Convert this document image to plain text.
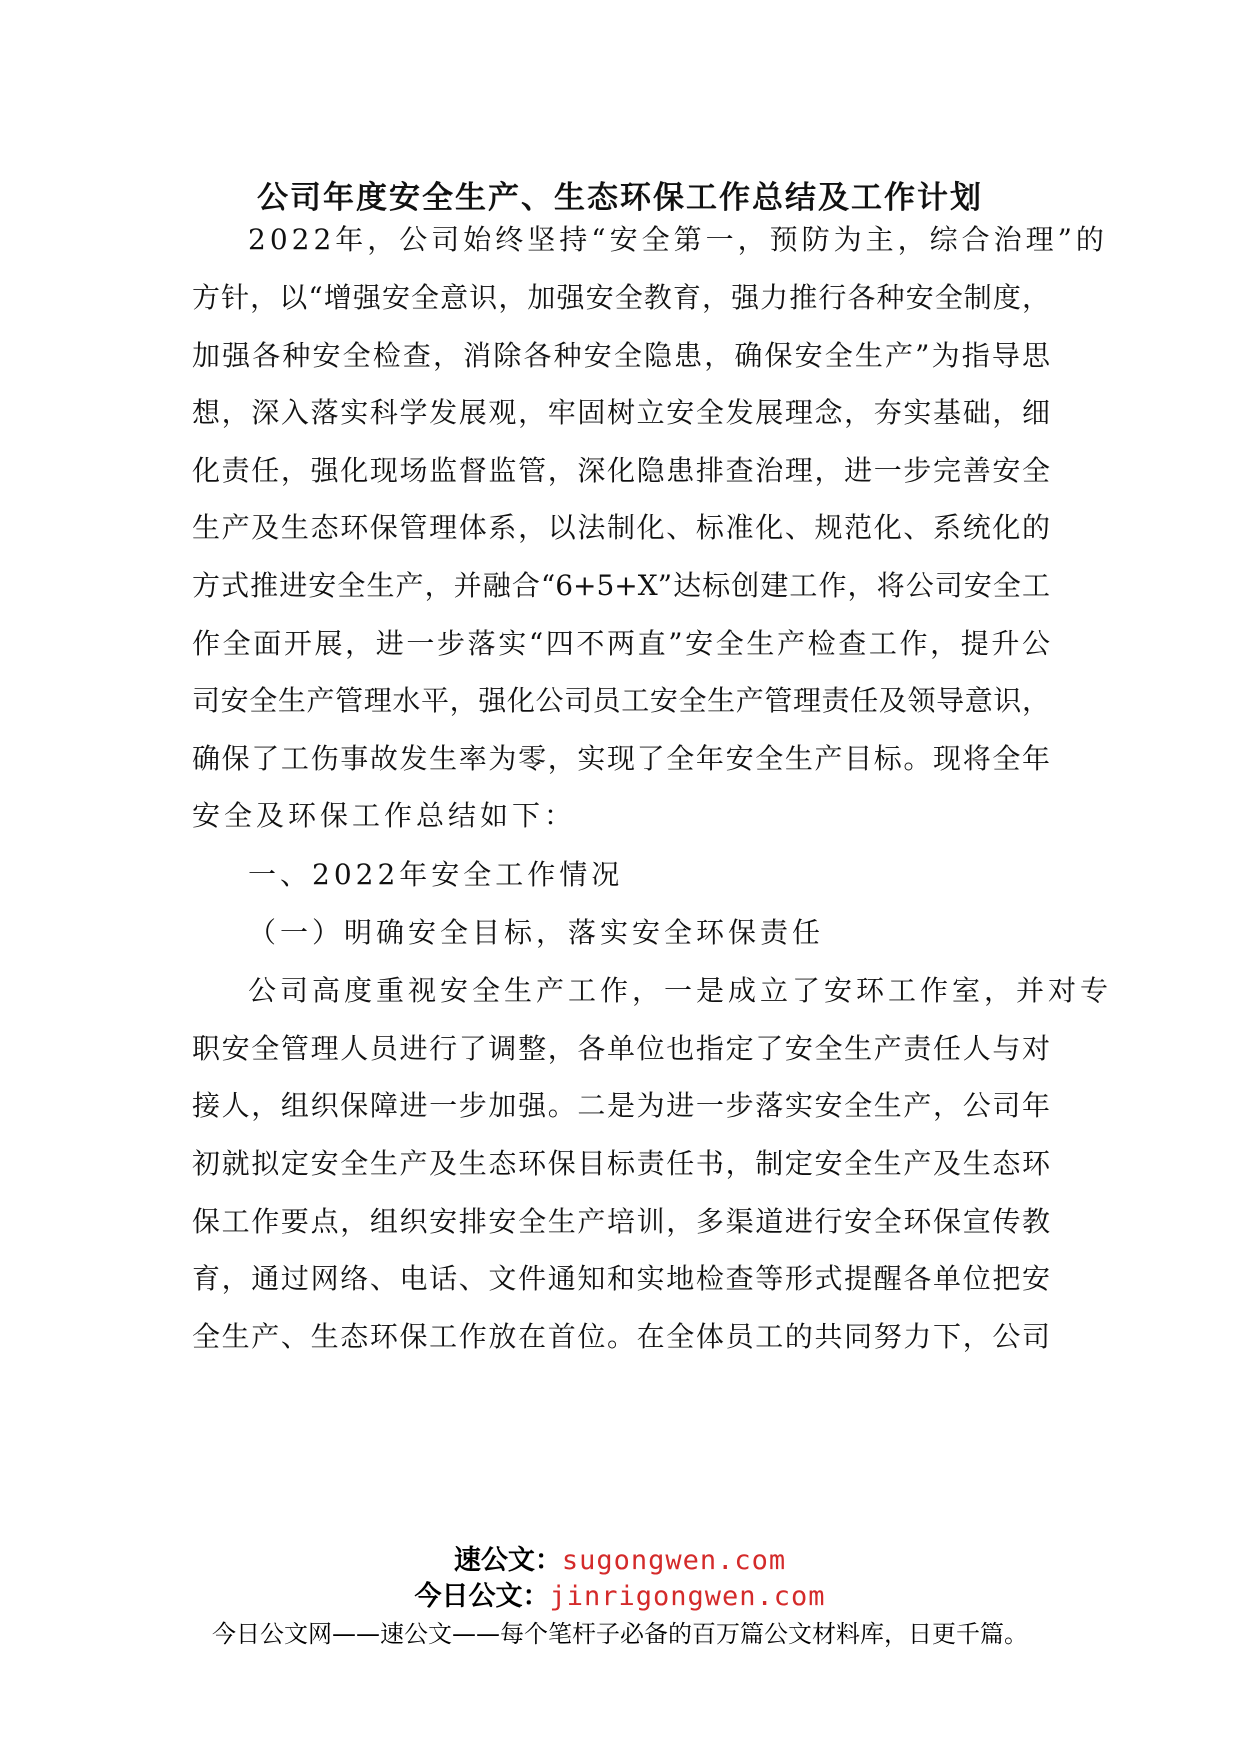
公司年度安全生产、生态环保工作总结及工作计划
2022年，公司始终坚持“安全第一，预防为主，综合治理”的
方针，以“增强安全意识，加强安全教育，强力推行各种安全制度，
加强各种安全检查，消除各种安全隐患，确保安全生产”为指导思
想，深入落实科学发展观，牢固树立安全发展理念，夯实基础，细
化责任，强化现场监督监管，深化隐患排查治理，进一步完善安全
生产及生态环保管理体系，以法制化、标准化、规范化、系统化的
方式推进安全生产，并融合“6+5+X”达标创建工作，将公司安全工
作全面开展，进一步落实“四不两直”安全生产检查工作，提升公
司安全生产管理水平，强化公司员工安全生产管理责任及领导意识，
确保了工伤事故发生率为零，实现了全年安全生产目标。现将全年
安全及环保工作总结如下：
一、2022年安全工作情况
（一）明确安全目标，落实安全环保责任
公司高度重视安全生产工作，一是成立了安环工作室，并对专
职安全管理人员进行了调整，各单位也指定了安全生产责任人与对
接人，组织保障进一步加强。二是为进一步落实安全生产，公司年
初就拟定安全生产及生态环保目标责任书，制定安全生产及生态环
保工作要点，组织安排安全生产培训，多渠道进行安全环保宣传教
育，通过网络、电话、文件通知和实地检查等形式提醒各单位把安
全生产、生态环保工作放在首位。在全体员工的共同努力下，公司
速公文：sugongwen.com
今日公文：jinrigongwen.com
今日公文网——速公文——每个笔杆子必备的百万篇公文材料库，日更千篇。
